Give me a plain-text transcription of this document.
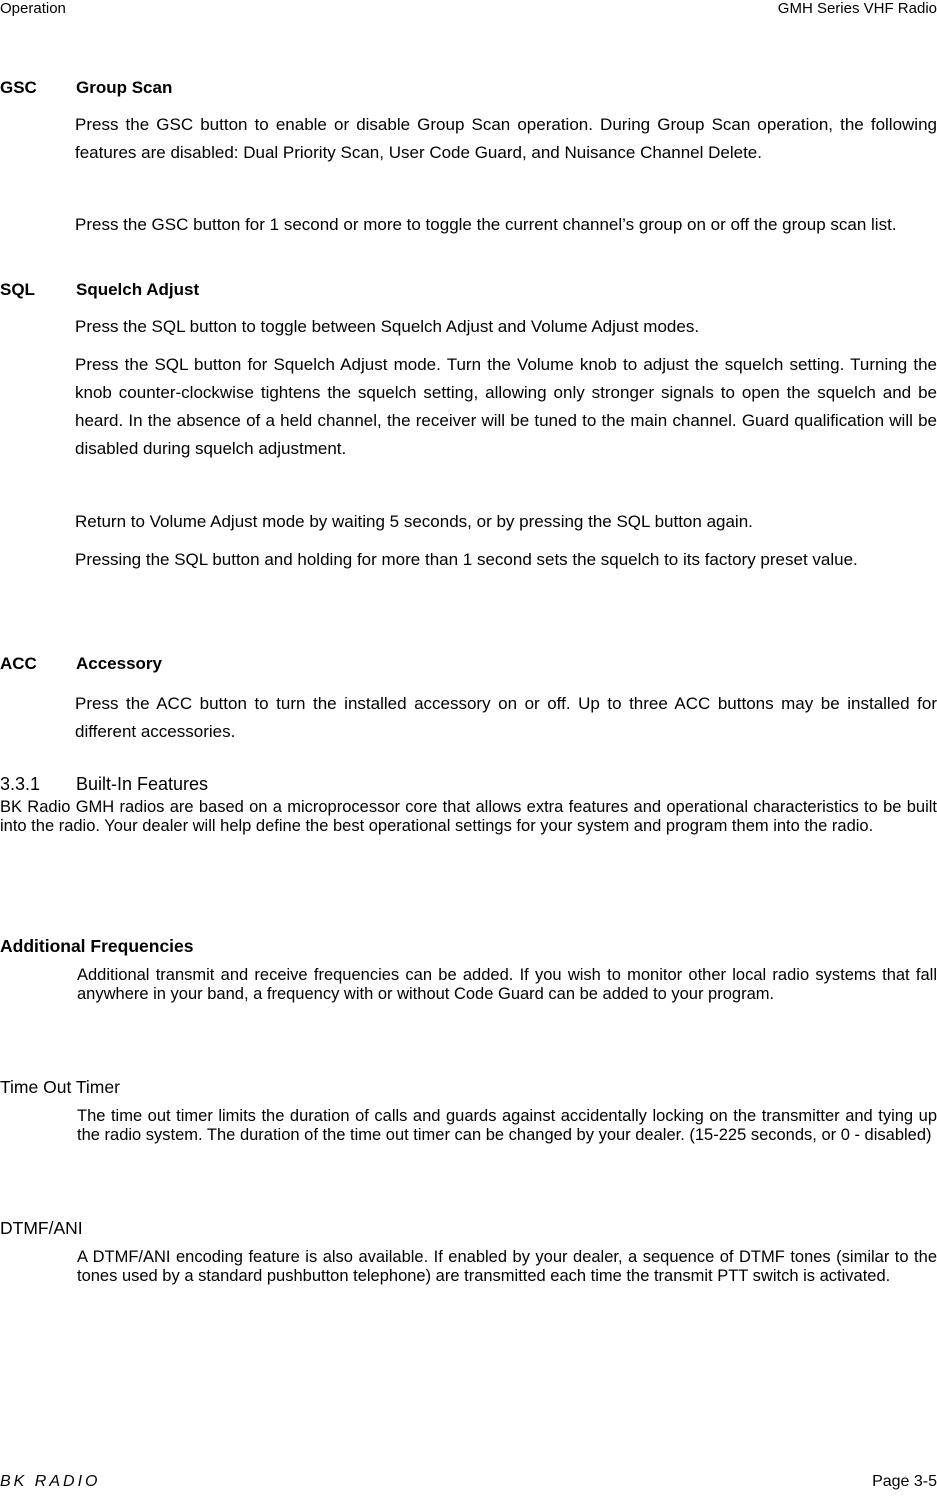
Operation	GMH Series VHF Radio
GSC	Group Scan
Press the GSC button to enable or disable Group Scan operation. During Group Scan operation, the following features are disabled: Dual Priority Scan, User Code Guard, and Nuisance Channel Delete.
Press the GSC button for 1 second or more to toggle the current channel’s group on or off the group scan list.
SQL	Squelch Adjust
Press the SQL button to toggle between Squelch Adjust and Volume Adjust modes.
Press the SQL button for Squelch Adjust mode. Turn the Volume knob to adjust the squelch setting. Turning the knob counter-clockwise tightens the squelch setting, allowing only stronger signals to open the squelch and be heard. In the absence of a held channel, the receiver will be tuned to the main channel. Guard qualification will be disabled during squelch adjustment.
Return to Volume Adjust mode by waiting 5 seconds, or by pressing the SQL button again.
Pressing the SQL button and holding for more than 1 second sets the squelch to its factory preset value.
ACC	Accessory
Press the ACC button to turn the installed accessory on or off. Up to three ACC buttons may be installed for different accessories.
3.3.1 Built-In Features
BK Radio GMH radios are based on a microprocessor core that allows extra features and operational characteristics to be built into the radio. Your dealer will help define the best operational settings for your system and program them into the radio.
Additional Frequencies
Additional transmit and receive frequencies can be added. If you wish to monitor other local radio systems that fall anywhere in your band, a frequency with or without Code Guard can be added to your program.
Time Out Timer
The time out timer limits the duration of calls and guards against accidentally locking on the transmitter and tying up the radio system. The duration of the time out timer can be changed by your dealer. (15-225 seconds, or 0 - disabled)
DTMF/ANI
A DTMF/ANI encoding feature is also available. If enabled by your dealer, a sequence of DTMF tones (similar to the tones used by a standard pushbutton telephone) are transmitted each time the transmit PTT switch is activated.
BK RADIO	Page 3-5
